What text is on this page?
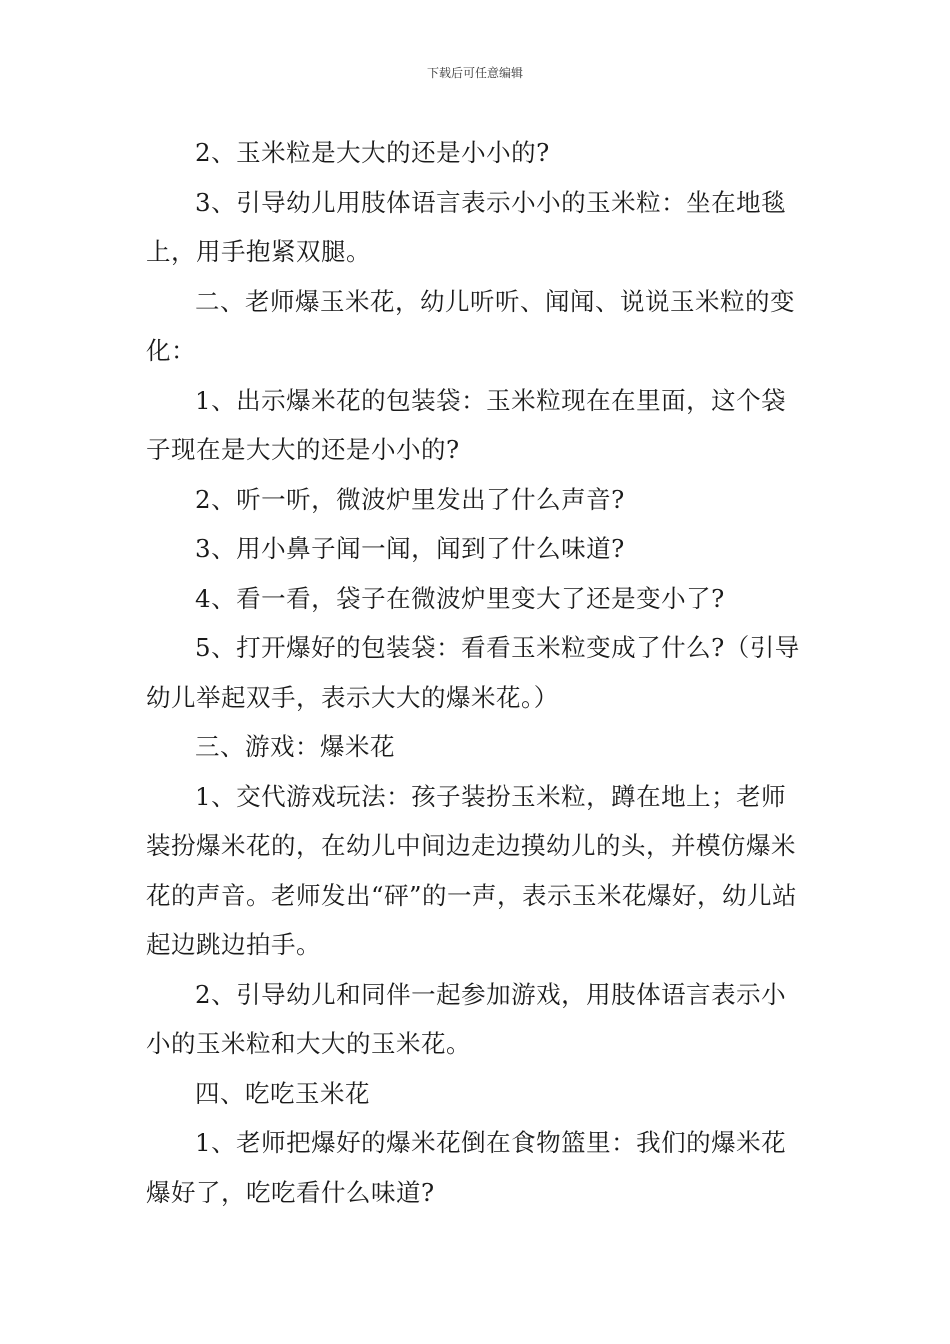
下载后可任意编辑

2、玉米粒是大大的还是小小的?

3、引导幼儿用肢体语言表示小小的玉米粒：坐在地毯上，用手抱紧双腿。

二、老师爆玉米花，幼儿听听、闻闻、说说玉米粒的变化：

1、出示爆米花的包装袋：玉米粒现在在里面，这个袋子现在是大大的还是小小的?

2、听一听，微波炉里发出了什么声音?

3、用小鼻子闻一闻，闻到了什么味道?

4、看一看，袋子在微波炉里变大了还是变小了?

5、打开爆好的包装袋：看看玉米粒变成了什么?（引导幼儿举起双手，表示大大的爆米花。）

三、游戏：爆米花

1、交代游戏玩法：孩子装扮玉米粒，蹲在地上；老师装扮爆米花的，在幼儿中间边走边摸幼儿的头，并模仿爆米花的声音。老师发出“砰”的一声，表示玉米花爆好，幼儿站起边跳边拍手。

2、引导幼儿和同伴一起参加游戏，用肢体语言表示小小的玉米粒和大大的玉米花。

四、吃吃玉米花

1、老师把爆好的爆米花倒在食物篮里：我们的爆米花爆好了，吃吃看什么味道?
